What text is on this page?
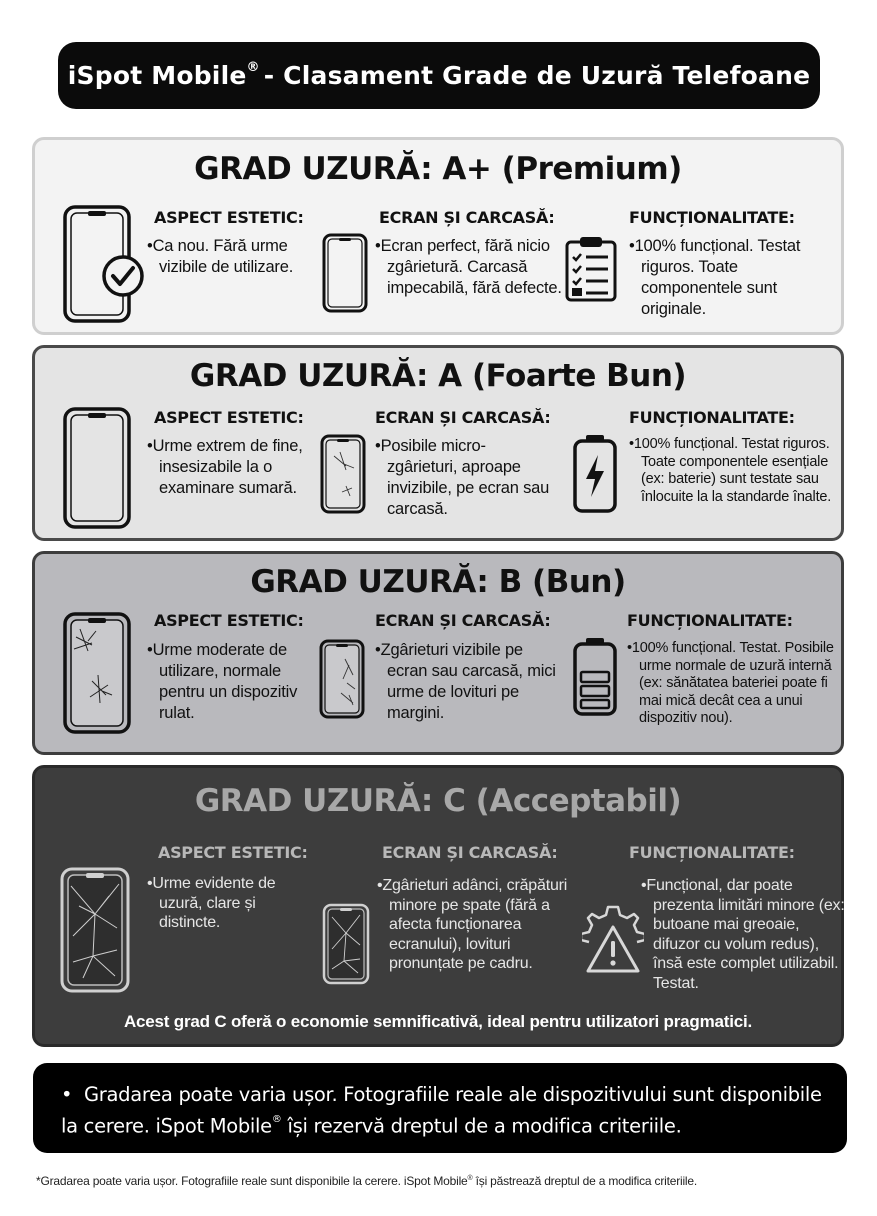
iSpot Mobile® - Clasament Grade de Uzură Telefoane
GRAD UZURĂ: A+ (Premium)
ASPECT ESTETIC:
• Ca nou. Fără urme vizibile de utilizare.
ECRAN ȘI CARCASĂ:
• Ecran perfect, fără nicio zgârietură. Carcasă impecabilă, fără defecte.
FUNCȚIONALITATE:
• 100% funcțional. Testat riguros. Toate componentele sunt originale.
GRAD UZURĂ: A (Foarte Bun)
ASPECT ESTETIC:
• Urme extrem de fine, insesizabile la o examinare sumară.
ECRAN ȘI CARCASĂ:
• Posibile micro-zgârieturi, aproape invizibile, pe ecran sau carcasă.
FUNCȚIONALITATE:
• 100% funcțional. Testat riguros. Toate componentele esențiale (ex: baterie) sunt testate sau înlocuite la la standarde înalte.
GRAD UZURĂ: B (Bun)
ASPECT ESTETIC:
• Urme moderate de utilizare, normale pentru un dispozitiv rulat.
ECRAN ȘI CARCASĂ:
• Zgârieturi vizibile pe ecran sau carcasă, mici urme de lovituri pe margini.
FUNCȚIONALITATE:
• 100% funcțional. Testat. Posibile urme normale de uzură internă (ex: sănătatea bateriei poate fi mai mică decât cea a unui dispozitiv nou).
GRAD UZURĂ: C (Acceptabil)
ASPECT ESTETIC:
• Urme evidente de uzură, clare și distincte.
ECRAN ȘI CARCASĂ:
• Zgârieturi adânci, crăpături minore pe spate (fără a afecta funcționarea ecranului), lovituri pronunțate pe cadru.
FUNCȚIONALITATE:
• Funcțional, dar poate prezenta limitări minore (ex: butoane mai greoaie, difuzor cu volum redus), însă este complet utilizabil. Testat.
Acest grad C oferă o economie semnificativă, ideal pentru utilizatori pragmatici.
•  Gradarea poate varia ușor. Fotografiile reale ale dispozitivului sunt disponibile la cerere. iSpot Mobile® își rezervă dreptul de a modifica criteriile.
*Gradarea poate varia ușor. Fotografiile reale sunt disponibile la cerere. iSpot Mobile® își păstrează dreptul de a modifica criteriile.
